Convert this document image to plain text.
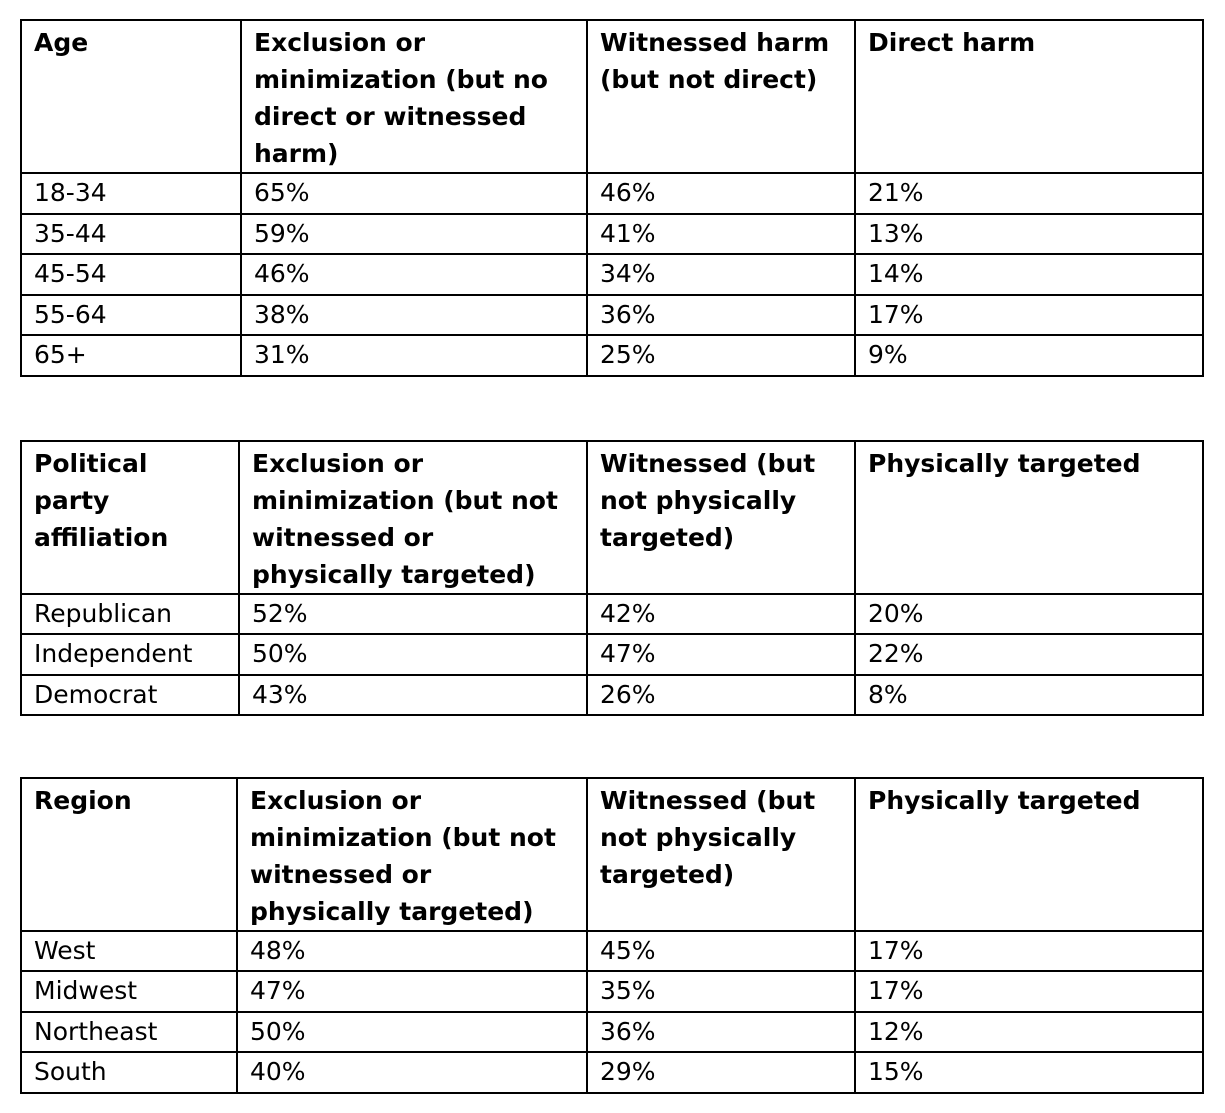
Age	Exclusion or minimization (but no direct or witnessed harm)	Witnessed harm (but not direct)	Direct harm
18-34	65%	46%	21%
35-44	59%	41%	13%
45-54	46%	34%	14%
55-64	38%	36%	17%
65+	31%	25%	9%
Political party affiliation	Exclusion or minimization (but not witnessed or physically targeted)	Witnessed (but not physically targeted)	Physically targeted
Republican	52%	42%	20%
Independent	50%	47%	22%
Democrat	43%	26%	8%
Region	Exclusion or minimization (but not witnessed or physically targeted)	Witnessed (but not physically targeted)	Physically targeted
West	48%	45%	17%
Midwest	47%	35%	17%
Northeast	50%	36%	12%
South	40%	29%	15%
